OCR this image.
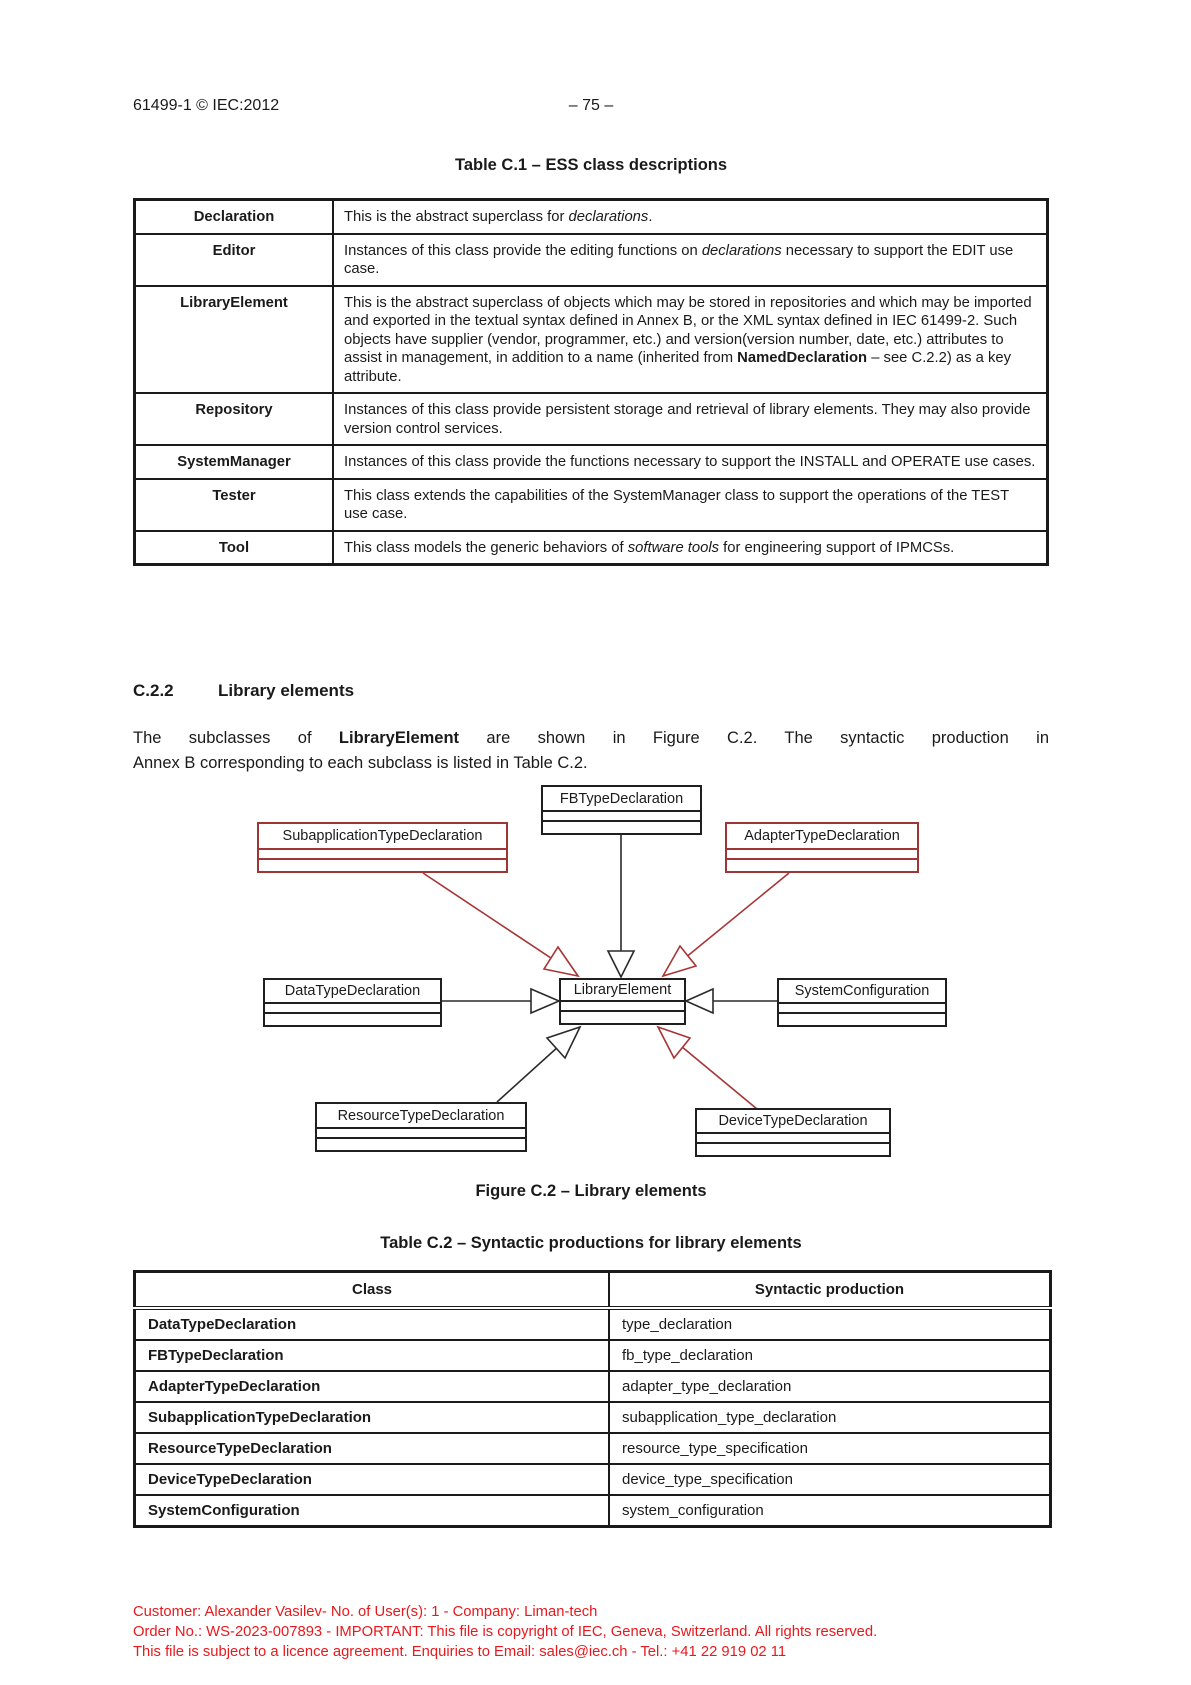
61499-1 © IEC:2012	– 75 –
Table C.1 – ESS class descriptions
Declaration	This is the abstract superclass for declarations.
Editor	Instances of this class provide the editing functions on declarations necessary to support the EDIT use case.
LibraryElement	This is the abstract superclass of objects which may be stored in repositories and which may be imported and exported in the textual syntax defined in Annex B, or the XML syntax defined in IEC 61499-2. Such objects have supplier (vendor, programmer, etc.) and version(version number, date, etc.) attributes to assist in management, in addition to a name (inherited from NamedDeclaration – see C.2.2) as a key attribute.
Repository	Instances of this class provide persistent storage and retrieval of library elements. They may also provide version control services.
SystemManager	Instances of this class provide the functions necessary to support the INSTALL and OPERATE use cases.
Tester	This class extends the capabilities of the SystemManager class to support the operations of the TEST use case.
Tool	This class models the generic behaviors of software tools for engineering support of IPMCSs.
C.2.2	Library elements
The subclasses of LibraryElement are shown in Figure C.2. The syntactic production in
Annex B corresponding to each subclass is listed in Table C.2.
FBTypeDeclaration
SubapplicationTypeDeclaration	AdapterTypeDeclaration
DataTypeDeclaration	LibraryElement	SystemConfiguration
ResourceTypeDeclaration	DeviceTypeDeclaration
Figure C.2 – Library elements
Table C.2 – Syntactic productions for library elements
Class	Syntactic production
DataTypeDeclaration	type_declaration
FBTypeDeclaration	fb_type_declaration
AdapterTypeDeclaration	adapter_type_declaration
SubapplicationTypeDeclaration	subapplication_type_declaration
ResourceTypeDeclaration	resource_type_specification
DeviceTypeDeclaration	device_type_specification
SystemConfiguration	system_configuration
Customer: Alexander Vasilev- No. of User(s): 1 - Company: Liman-tech
Order No.: WS-2023-007893 - IMPORTANT: This file is copyright of IEC, Geneva, Switzerland. All rights reserved.
This file is subject to a licence agreement. Enquiries to Email: sales@iec.ch - Tel.: +41 22 919 02 11
